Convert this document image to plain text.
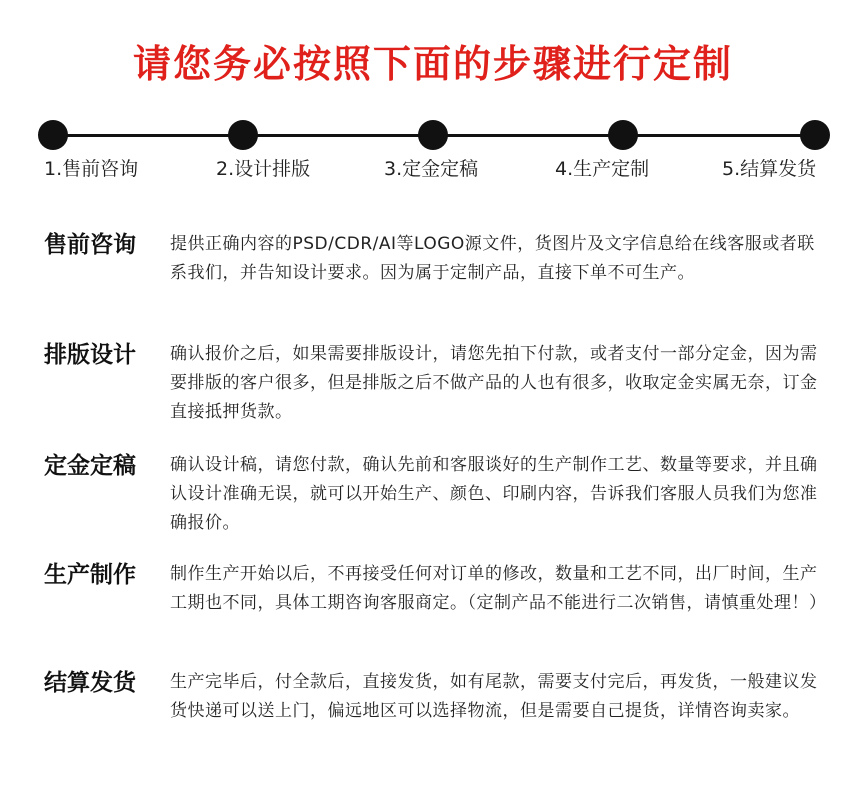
请您务必按照下面的步骤进行定制
1.售前咨询	2.设计排版	3.定金定稿	4.生产定制	5.结算发货
售前咨询 提供正确内容的PSD/CDR/AI等LOGO源文件，货图片及文字信息给在线客服或者联系我们，并告知设计要求。因为属于定制产品，直接下单不可生产。
排版设计 确认报价之后，如果需要排版设计，请您先拍下付款，或者支付一部分定金，因为需要排版的客户很多，但是排版之后不做产品的人也有很多，收取定金实属无奈，订金直接抵押货款。
定金定稿 确认设计稿，请您付款，确认先前和客服谈好的生产制作工艺、数量等要求，并且确认设计准确无误，就可以开始生产、颜色、印刷内容，告诉我们客服人员我们为您准确报价。
生产制作 制作生产开始以后，不再接受任何对订单的修改，数量和工艺不同，出厂时间，生产工期也不同，具体工期咨询客服商定。（定制产品不能进行二次销售，请慎重处理！）
结算发货 生产完毕后，付全款后，直接发货，如有尾款，需要支付完后，再发货，一般建议发货快递可以送上门，偏远地区可以选择物流，但是需要自己提货，详情咨询卖家。
